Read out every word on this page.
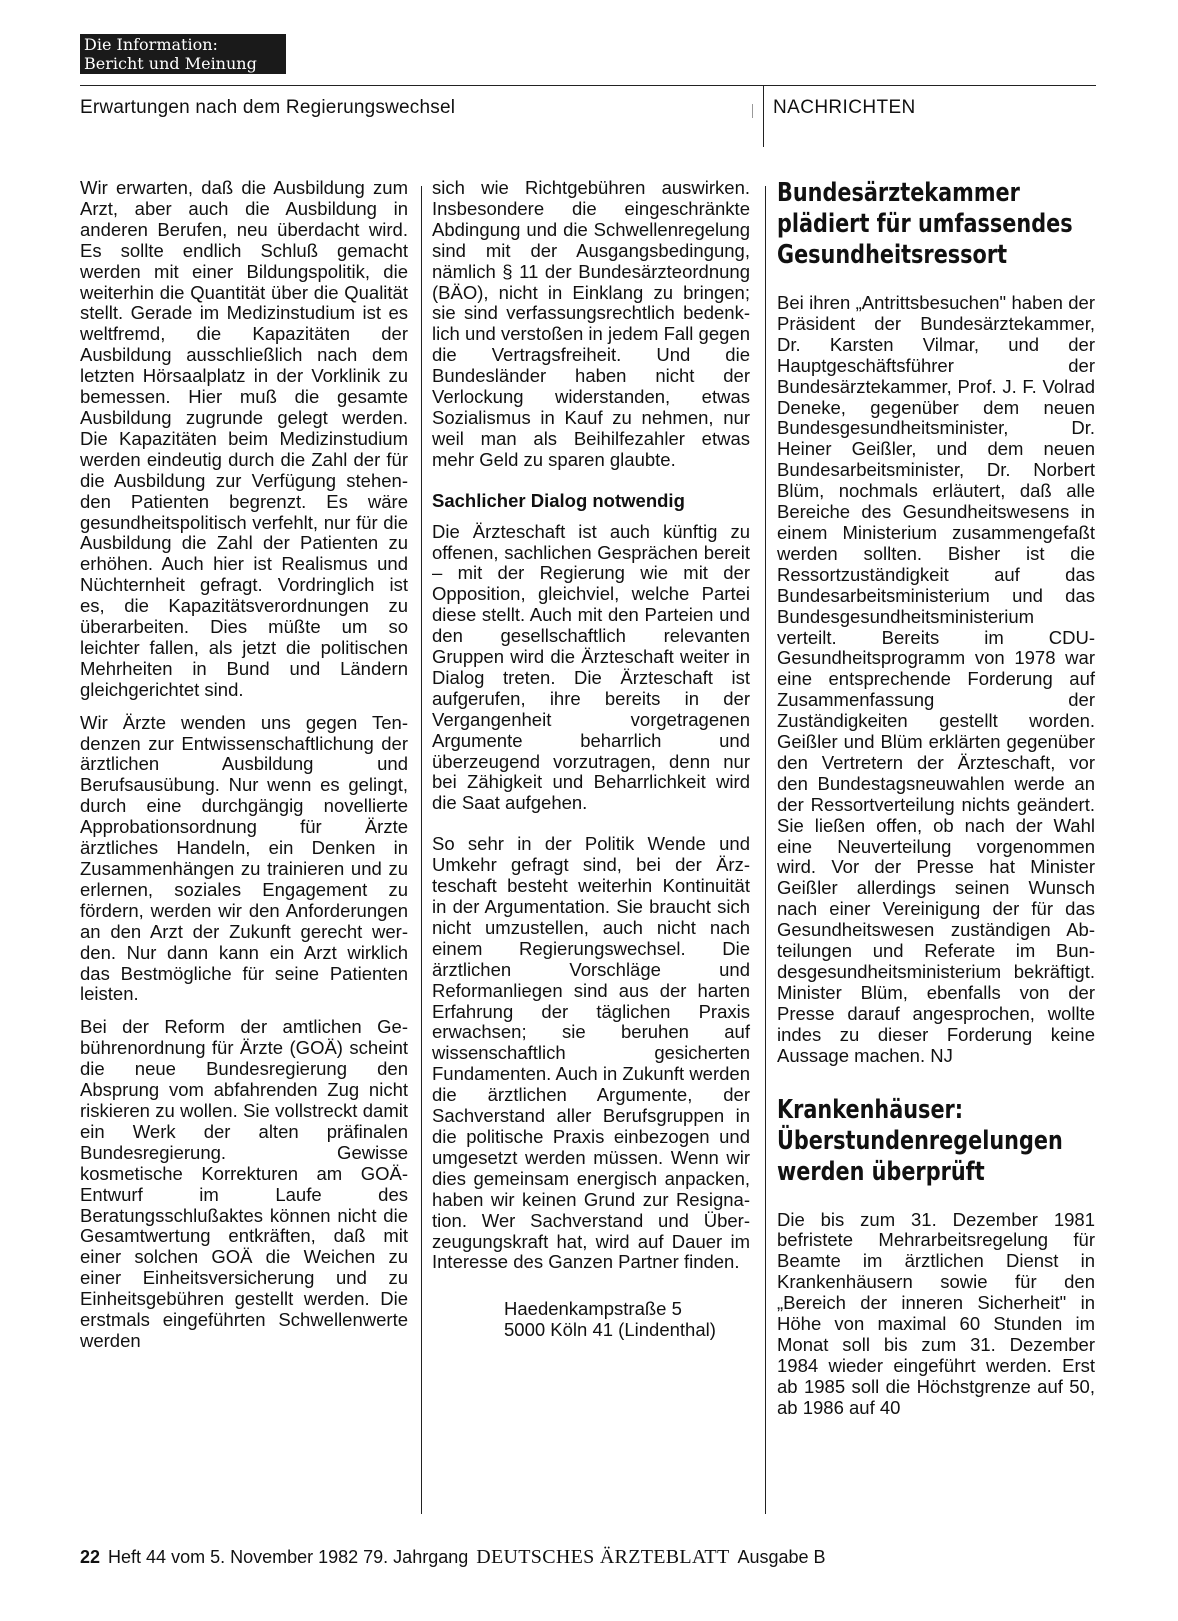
Die Information:
Bericht und Meinung
Erwartungen nach dem Regierungswechsel	NACHRICHTEN

Wir erwarten, daß die Ausbildung zum Arzt, aber auch die Ausbildung in anderen Berufen, neu überdacht wird. Es sollte endlich Schluß gemacht werden mit einer Bildungspolitik, die weiterhin die Quantität über die Qualität stellt. Gerade im Medizinstudium ist es weltfremd, die Kapazitäten der Ausbildung ausschließlich nach dem letzten Hörsaalplatz in der Vorklinik zu bemessen. Hier muß die gesamte Ausbildung zugrunde gelegt werden. Die Kapazitäten beim Medizinstudium werden eindeutig durch die Zahl der für die Ausbildung zur Verfügung stehenden Patienten begrenzt. Es wäre gesundheitspolitisch verfehlt, nur für die Ausbildung die Zahl der Patienten zu erhöhen. Auch hier ist Realismus und Nüchternheit gefragt. Vordringlich ist es, die Kapazitätsverordnungen zu überarbeiten. Dies müßte um so leichter fallen, als jetzt die politischen Mehrheiten in Bund und Ländern gleichgerichtet sind.

Wir Ärzte wenden uns gegen Tendenzen zur Entwissenschaftlichung der ärztlichen Ausbildung und Berufsausübung. Nur wenn es gelingt, durch eine durchgängig novellierte Approbationsordnung für Ärzte ärztliches Handeln, ein Denken in Zusammenhängen zu trainieren und zu erlernen, soziales Engagement zu fördern, werden wir den Anforderungen an den Arzt der Zukunft gerecht werden. Nur dann kann ein Arzt wirklich das Bestmögliche für seine Patienten leisten.

Bei der Reform der amtlichen Gebührenordnung für Ärzte (GOÄ) scheint die neue Bundesregierung den Absprung vom abfahrenden Zug nicht riskieren zu wollen. Sie vollstreckt damit ein Werk der alten präfinalen Bundesregierung. Gewisse kosmetische Korrekturen am GOÄ-Entwurf im Laufe des Beratungsschlußaktes können nicht die Gesamtwertung entkräften, daß mit einer solchen GOÄ die Weichen zu einer Einheitsversicherung und zu Einheitsgebühren gestellt werden. Die erstmals eingeführten Schwellenwerte werden

sich wie Richtgebühren auswirken. Insbesondere die eingeschränkte Abdingung und die Schwellenregelung sind mit der Ausgangsbedingung, nämlich § 11 der Bundesärzteordnung (BÄO), nicht in Einklang zu bringen; sie sind verfassungsrechtlich bedenklich und verstoßen in jedem Fall gegen die Vertragsfreiheit. Und die Bundesländer haben nicht der Verlockung widerstanden, etwas Sozialismus in Kauf zu nehmen, nur weil man als Beihilfezahler etwas mehr Geld zu sparen glaubte.

Sachlicher Dialog notwendig

Die Ärzteschaft ist auch künftig zu offenen, sachlichen Gesprächen bereit – mit der Regierung wie mit der Opposition, gleichviel, welche Partei diese stellt. Auch mit den Parteien und den gesellschaftlich relevanten Gruppen wird die Ärzteschaft weiter in Dialog treten. Die Ärzteschaft ist aufgerufen, ihre bereits in der Vergangenheit vorgetragenen Argumente beharrlich und überzeugend vorzutragen, denn nur bei Zähigkeit und Beharrlichkeit wird die Saat aufgehen.

So sehr in der Politik Wende und Umkehr gefragt sind, bei der Ärzteschaft besteht weiterhin Kontinuität in der Argumentation. Sie braucht sich nicht umzustellen, auch nicht nach einem Regierungswechsel. Die ärztlichen Vorschläge und Reformanliegen sind aus der harten Erfahrung der täglichen Praxis erwachsen; sie beruhen auf wissenschaftlich gesicherten Fundamenten. Auch in Zukunft werden die ärztlichen Argumente, der Sachverstand aller Berufsgruppen in die politische Praxis einbezogen und umgesetzt werden müssen. Wenn wir dies gemeinsam energisch anpacken, haben wir keinen Grund zur Resignation. Wer Sachverstand und Überzeugungskraft hat, wird auf Dauer im Interesse des Ganzen Partner finden.

Haedenkampstraße 5
5000 Köln 41 (Lindenthal)

Bundesärztekammer plädiert für umfassendes Gesundheitsressort

Bei ihren „Antrittsbesuchen" haben der Präsident der Bundesärztekammer, Dr. Karsten Vilmar, und der Hauptgeschäftsführer der Bundesärztekammer, Prof. J. F. Volrad Deneke, gegenüber dem neuen Bundesgesundheitsminister, Dr. Heiner Geißler, und dem neuen Bundesarbeitsminister, Dr. Norbert Blüm, nochmals erläutert, daß alle Bereiche des Gesundheitswesens in einem Ministerium zusammengefaßt werden sollten. Bisher ist die Ressortzuständigkeit auf das Bundesarbeitsministerium und das Bundesgesundheitsministerium verteilt. Bereits im CDU-Gesundheitsprogramm von 1978 war eine entsprechende Forderung auf Zusammenfassung der Zuständigkeiten gestellt worden. Geißler und Blüm erklärten gegenüber den Vertretern der Ärzteschaft, vor den Bundestagsneuwahlen werde an der Ressortverteilung nichts geändert. Sie ließen offen, ob nach der Wahl eine Neuverteilung vorgenommen wird. Vor der Presse hat Minister Geißler allerdings seinen Wunsch nach einer Vereinigung der für das Gesundheitswesen zuständigen Abteilungen und Referate im Bundesgesundheitsministerium bekräftigt. Minister Blüm, ebenfalls von der Presse darauf angesprochen, wollte indes zu dieser Forderung keine Aussage machen. NJ

Krankenhäuser: Überstundenregelungen werden überprüft

Die bis zum 31. Dezember 1981 befristete Mehrarbeitsregelung für Beamte im ärztlichen Dienst in Krankenhäusern sowie für den „Bereich der inneren Sicherheit" in Höhe von maximal 60 Stunden im Monat soll bis zum 31. Dezember 1984 wieder eingeführt werden. Erst ab 1985 soll die Höchstgrenze auf 50, ab 1986 auf 40

22 Heft 44 vom 5. November 1982 79. Jahrgang DEUTSCHES ÄRZTEBLATT Ausgabe B
